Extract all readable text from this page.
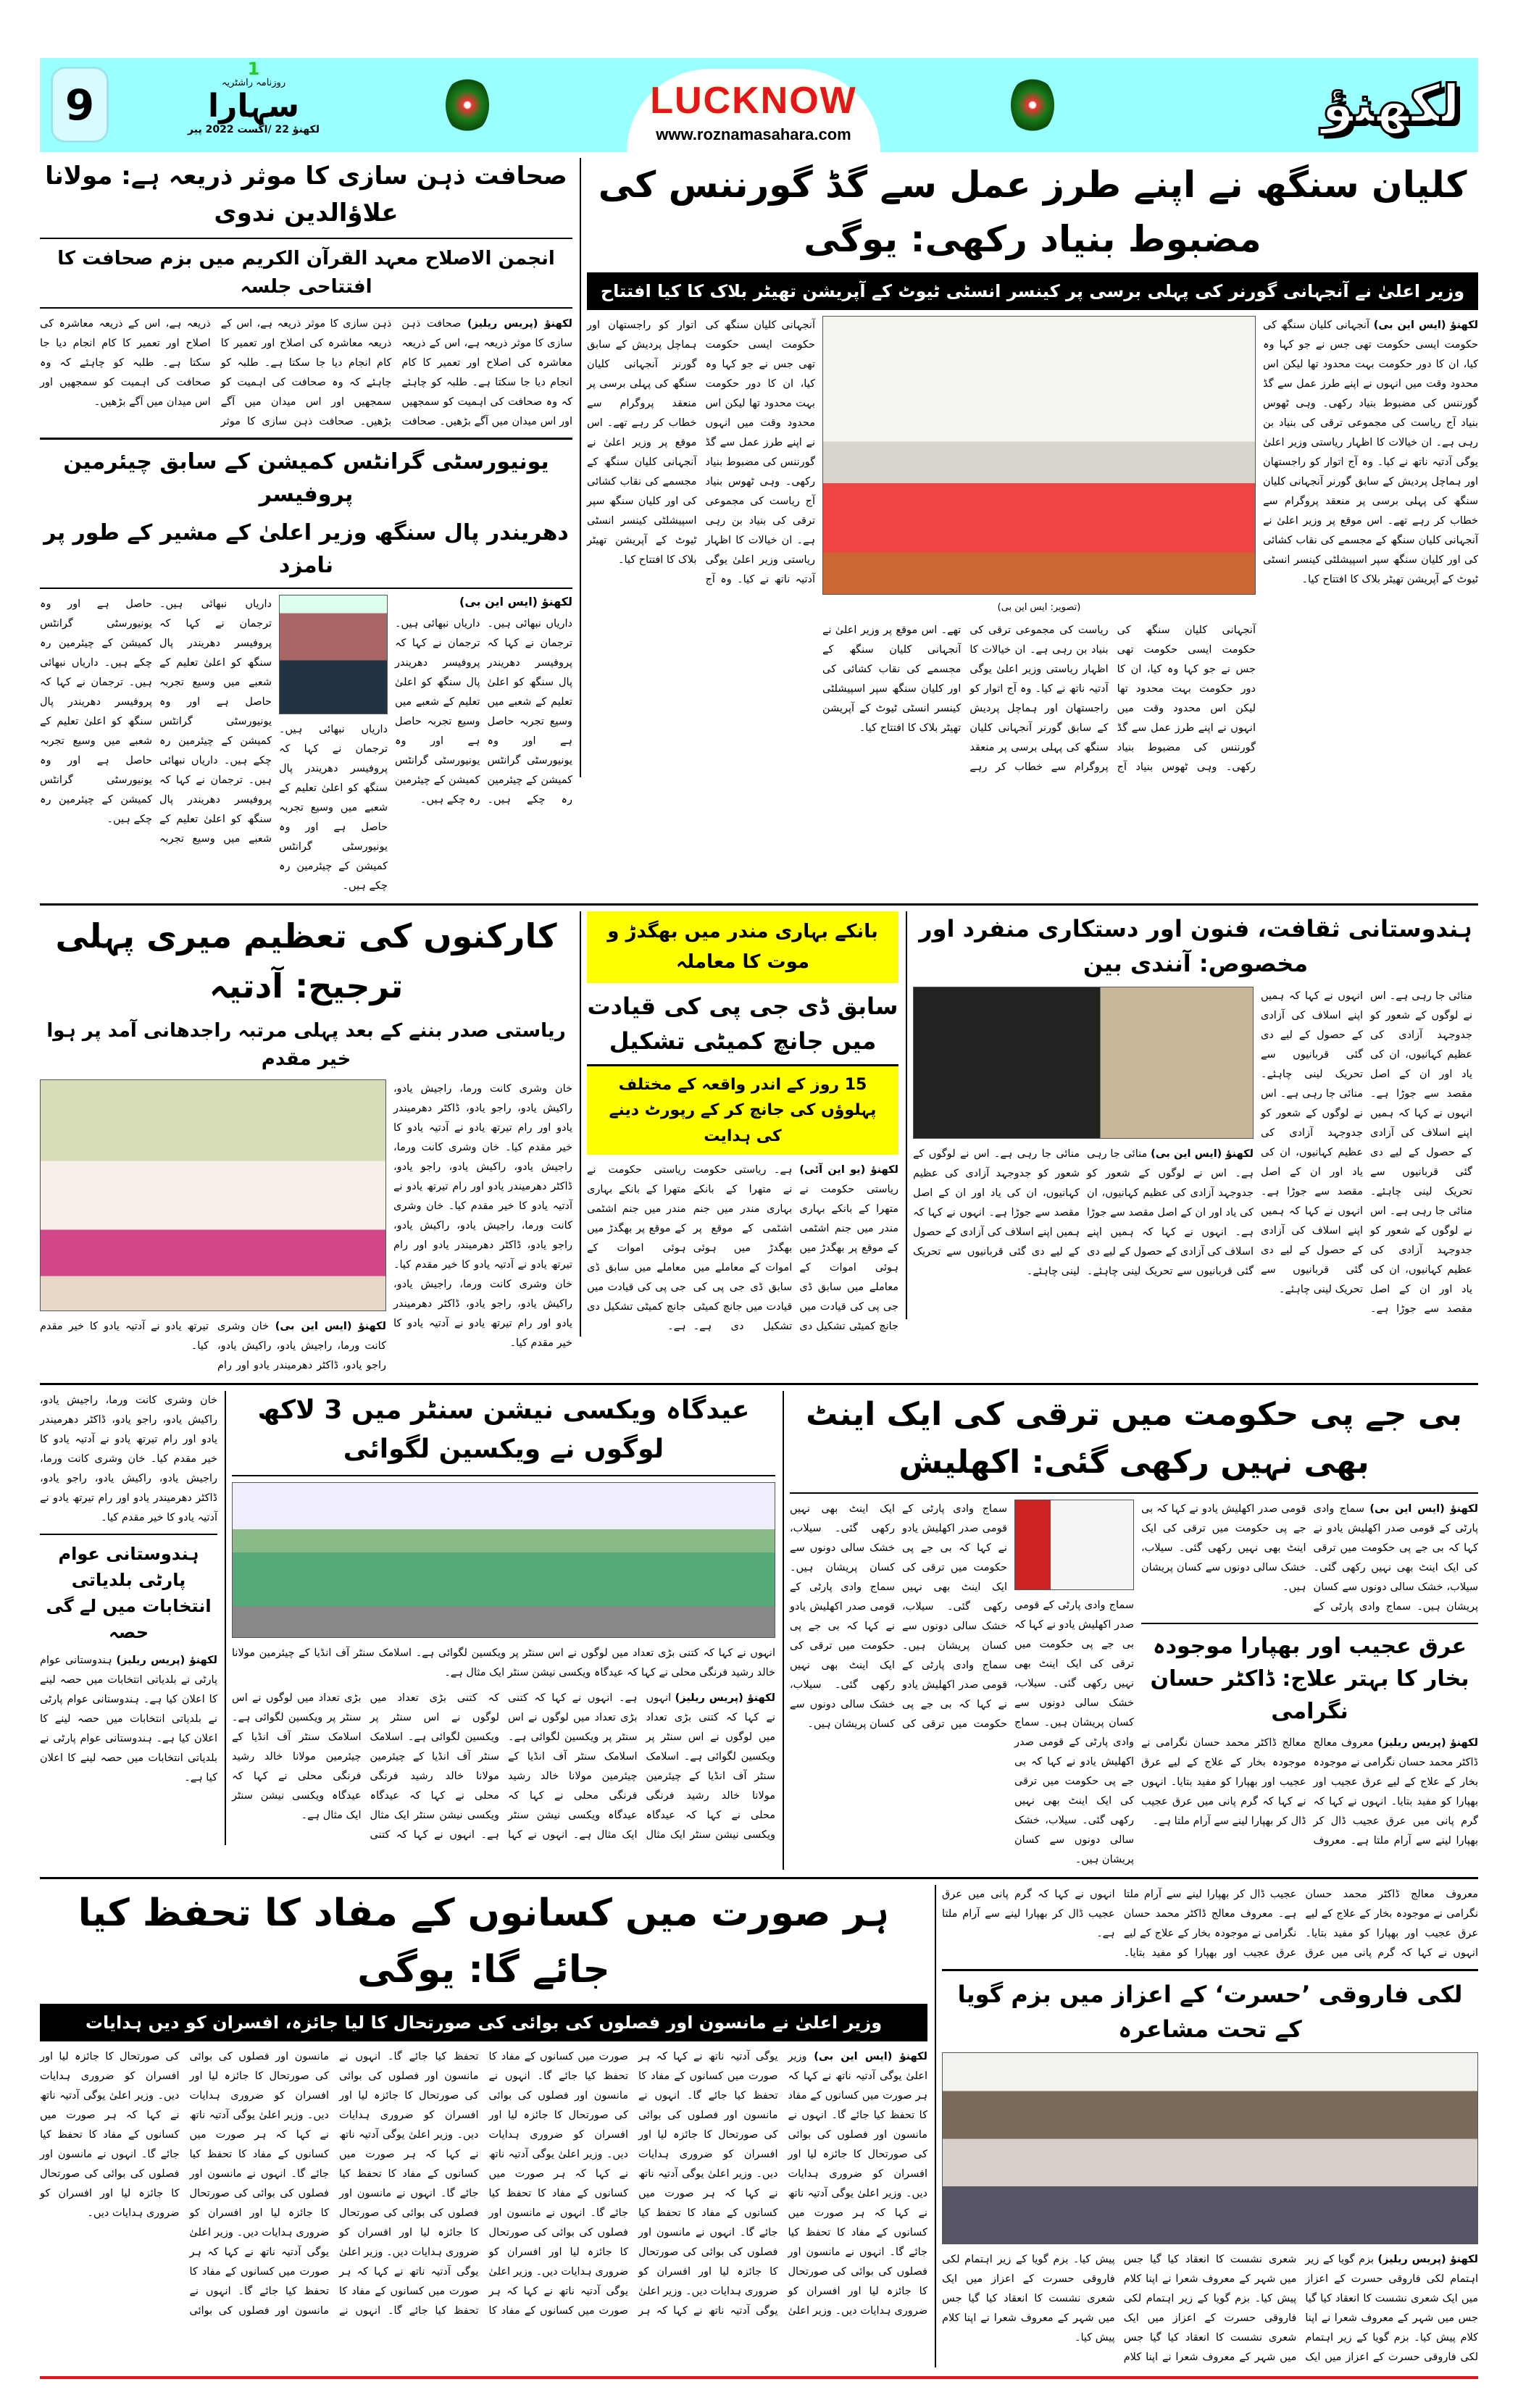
9
1
روزنامہ راشٹریہ
سہارا
لکھنؤ 22 /اگست 2022 پیر
LUCKNOW
www.roznamasahara.com
لکھنؤ
صحافت ذہن سازی کا موثر ذریعہ ہے: مولانا علاؤالدین ندوی
انجمن الاصلاح معہد القرآن الکریم میں بزم صحافت کا افتتاحی جلسہ
لکھنؤ (پریس ریلیز) صحافت ذہن سازی کا موثر ذریعہ ہے، اس کے ذریعہ معاشرہ کی اصلاح اور تعمیر کا کام انجام دیا جا سکتا ہے۔ طلبہ کو چاہئے کہ وہ صحافت کی اہمیت کو سمجھیں اور اس میدان میں آگے بڑھیں۔ صحافت ذہن سازی کا موثر ذریعہ ہے، اس کے ذریعہ معاشرہ کی اصلاح اور تعمیر کا کام انجام دیا جا سکتا ہے۔ طلبہ کو چاہئے کہ وہ صحافت کی اہمیت کو سمجھیں اور اس میدان میں آگے بڑھیں۔ صحافت ذہن سازی کا موثر ذریعہ ہے، اس کے ذریعہ معاشرہ کی اصلاح اور تعمیر کا کام انجام دیا جا سکتا ہے۔ طلبہ کو چاہئے کہ وہ صحافت کی اہمیت کو سمجھیں اور اس میدان میں آگے بڑھیں۔
یونیورسٹی گرانٹس کمیشن کے سابق چیئرمین پروفیسر
دھریندر پال سنگھ وزیر اعلیٰ کے مشیر کے طور پر نامزد
داریاں نبھائی ہیں۔ ترجمان نے کہا کہ پروفیسر دھریندر پال سنگھ کو اعلیٰ تعلیم کے شعبے میں وسیع تجربہ حاصل ہے اور وہ یونیورسٹی گرانٹس کمیشن کے چیئرمین رہ چکے ہیں۔ داریاں نبھائی ہیں۔ ترجمان نے کہا کہ پروفیسر دھریندر پال سنگھ کو اعلیٰ تعلیم کے شعبے میں وسیع تجربہ حاصل ہے اور وہ یونیورسٹی گرانٹس کمیشن کے چیئرمین رہ چکے ہیں۔ داریاں نبھائی ہیں۔ ترجمان نے کہا کہ پروفیسر دھریندر پال سنگھ کو اعلیٰ تعلیم کے شعبے میں وسیع تجربہ حاصل ہے اور وہ یونیورسٹی گرانٹس کمیشن کے چیئرمین رہ چکے ہیں۔
داریاں نبھائی ہیں۔ ترجمان نے کہا کہ پروفیسر دھریندر پال سنگھ کو اعلیٰ تعلیم کے شعبے میں وسیع تجربہ حاصل ہے اور وہ یونیورسٹی گرانٹس کمیشن کے چیئرمین رہ چکے ہیں۔
لکھنؤ (ایس این بی)
داریاں نبھائی ہیں۔ ترجمان نے کہا کہ پروفیسر دھریندر پال سنگھ کو اعلیٰ تعلیم کے شعبے میں وسیع تجربہ حاصل ہے اور وہ یونیورسٹی گرانٹس کمیشن کے چیئرمین رہ چکے ہیں۔ داریاں نبھائی ہیں۔ ترجمان نے کہا کہ پروفیسر دھریندر پال سنگھ کو اعلیٰ تعلیم کے شعبے میں وسیع تجربہ حاصل ہے اور وہ یونیورسٹی گرانٹس کمیشن کے چیئرمین رہ چکے ہیں۔
کلیان سنگھ نے اپنے طرز عمل سے گڈ گورننس کی مضبوط بنیاد رکھی: یوگی
وزیر اعلیٰ نے آنجہانی گورنر کی پہلی برسی پر کینسر انسٹی ٹیوٹ کے آپریشن تھیٹر بلاک کا کیا افتتاح
آنجہانی کلیان سنگھ کی حکومت ایسی حکومت تھی جس نے جو کہا وہ کیا، ان کا دور حکومت بہت محدود تھا لیکن اس محدود وقت میں انہوں نے اپنے طرز عمل سے گڈ گورننس کی مضبوط بنیاد رکھی۔ وہی ٹھوس بنیاد آج ریاست کی مجموعی ترقی کی بنیاد بن رہی ہے۔ ان خیالات کا اظہار ریاستی وزیر اعلیٰ یوگی آدتیہ ناتھ نے کیا۔ وہ آج اتوار کو راجستھان اور ہماچل پردیش کے سابق گورنر آنجہانی کلیان سنگھ کی پہلی برسی پر منعقد پروگرام سے خطاب کر رہے تھے۔ اس موقع پر وزیر اعلیٰ نے آنجہانی کلیان سنگھ کے مجسمے کی نقاب کشائی کی اور کلیان سنگھ سپر اسپیشلٹی کینسر انسٹی ٹیوٹ کے آپریشن تھیٹر بلاک کا افتتاح کیا۔
(تصویر: ایس این بی)
آنجہانی کلیان سنگھ کی حکومت ایسی حکومت تھی جس نے جو کہا وہ کیا، ان کا دور حکومت بہت محدود تھا لیکن اس محدود وقت میں انہوں نے اپنے طرز عمل سے گڈ گورننس کی مضبوط بنیاد رکھی۔ وہی ٹھوس بنیاد آج ریاست کی مجموعی ترقی کی بنیاد بن رہی ہے۔ ان خیالات کا اظہار ریاستی وزیر اعلیٰ یوگی آدتیہ ناتھ نے کیا۔ وہ آج اتوار کو راجستھان اور ہماچل پردیش کے سابق گورنر آنجہانی کلیان سنگھ کی پہلی برسی پر منعقد پروگرام سے خطاب کر رہے تھے۔ اس موقع پر وزیر اعلیٰ نے آنجہانی کلیان سنگھ کے مجسمے کی نقاب کشائی کی اور کلیان سنگھ سپر اسپیشلٹی کینسر انسٹی ٹیوٹ کے آپریشن تھیٹر بلاک کا افتتاح کیا۔
لکھنؤ (ایس این بی) آنجہانی کلیان سنگھ کی حکومت ایسی حکومت تھی جس نے جو کہا وہ کیا، ان کا دور حکومت بہت محدود تھا لیکن اس محدود وقت میں انہوں نے اپنے طرز عمل سے گڈ گورننس کی مضبوط بنیاد رکھی۔ وہی ٹھوس بنیاد آج ریاست کی مجموعی ترقی کی بنیاد بن رہی ہے۔ ان خیالات کا اظہار ریاستی وزیر اعلیٰ یوگی آدتیہ ناتھ نے کیا۔ وہ آج اتوار کو راجستھان اور ہماچل پردیش کے سابق گورنر آنجہانی کلیان سنگھ کی پہلی برسی پر منعقد پروگرام سے خطاب کر رہے تھے۔ اس موقع پر وزیر اعلیٰ نے آنجہانی کلیان سنگھ کے مجسمے کی نقاب کشائی کی اور کلیان سنگھ سپر اسپیشلٹی کینسر انسٹی ٹیوٹ کے آپریشن تھیٹر بلاک کا افتتاح کیا۔
کارکنوں کی تعظیم میری پہلی ترجیح: آدتیہ
ریاستی صدر بننے کے بعد پہلی مرتبہ راجدھانی آمد پر ہوا خیر مقدم
لکھنؤ (ایس این بی) خان وشری کانت ورما، راجیش یادو، راکیش یادو، راجو یادو، ڈاکٹر دھرمیندر یادو اور رام تیرتھ یادو نے آدتیہ یادو کا خیر مقدم کیا۔
خان وشری کانت ورما، راجیش یادو، راکیش یادو، راجو یادو، ڈاکٹر دھرمیندر یادو اور رام تیرتھ یادو نے آدتیہ یادو کا خیر مقدم کیا۔ خان وشری کانت ورما، راجیش یادو، راکیش یادو، راجو یادو، ڈاکٹر دھرمیندر یادو اور رام تیرتھ یادو نے آدتیہ یادو کا خیر مقدم کیا۔ خان وشری کانت ورما، راجیش یادو، راکیش یادو، راجو یادو، ڈاکٹر دھرمیندر یادو اور رام تیرتھ یادو نے آدتیہ یادو کا خیر مقدم کیا۔ خان وشری کانت ورما، راجیش یادو، راکیش یادو، راجو یادو، ڈاکٹر دھرمیندر یادو اور رام تیرتھ یادو نے آدتیہ یادو کا خیر مقدم کیا۔
بانکے بہاری مندر میں بھگدڑ و موت کا معاملہ
سابق ڈی جی پی کی قیادت میں جانچ کمیٹی تشکیل
15 روز کے اندر واقعہ کے مختلف پہلوؤں کی جانچ کر کے رپورٹ دینے کی ہدایت
لکھنؤ (یو این آئی) ریاستی حکومت نے متھرا کے بانکے بہاری مندر میں جنم اشٹمی کے موقع پر بھگدڑ میں ہوئی اموات کے معاملے میں سابق ڈی جی پی کی قیادت میں جانچ کمیٹی تشکیل دی ہے۔ ریاستی حکومت نے متھرا کے بانکے بہاری مندر میں جنم اشٹمی کے موقع پر بھگدڑ میں ہوئی اموات کے معاملے میں سابق ڈی جی پی کی قیادت میں جانچ کمیٹی تشکیل دی ہے۔ ریاستی حکومت نے متھرا کے بانکے بہاری مندر میں جنم اشٹمی کے موقع پر بھگدڑ میں ہوئی اموات کے معاملے میں سابق ڈی جی پی کی قیادت میں جانچ کمیٹی تشکیل دی ہے۔
ہندوستانی ثقافت، فنون اور دستکاری منفرد اور مخصوص: آنندی بین
لکھنؤ (ایس این بی) منائی جا رہی ہے۔ اس نے لوگوں کے شعور کو جدوجہد آزادی کی عظیم کہانیوں، ان کی یاد اور ان کے اصل مقصد سے جوڑا ہے۔ انہوں نے کہا کہ ہمیں اپنے اسلاف کی آزادی کے حصول کے لیے دی گئی قربانیوں سے تحریک لینی چاہئے۔ منائی جا رہی ہے۔ اس نے لوگوں کے شعور کو جدوجہد آزادی کی عظیم کہانیوں، ان کی یاد اور ان کے اصل مقصد سے جوڑا ہے۔ انہوں نے کہا کہ ہمیں اپنے اسلاف کی آزادی کے حصول کے لیے دی گئی قربانیوں سے تحریک لینی چاہئے۔
منائی جا رہی ہے۔ اس نے لوگوں کے شعور کو جدوجہد آزادی کی عظیم کہانیوں، ان کی یاد اور ان کے اصل مقصد سے جوڑا ہے۔ انہوں نے کہا کہ ہمیں اپنے اسلاف کی آزادی کے حصول کے لیے دی گئی قربانیوں سے تحریک لینی چاہئے۔ منائی جا رہی ہے۔ اس نے لوگوں کے شعور کو جدوجہد آزادی کی عظیم کہانیوں، ان کی یاد اور ان کے اصل مقصد سے جوڑا ہے۔ انہوں نے کہا کہ ہمیں اپنے اسلاف کی آزادی کے حصول کے لیے دی گئی قربانیوں سے تحریک لینی چاہئے۔ منائی جا رہی ہے۔ اس نے لوگوں کے شعور کو جدوجہد آزادی کی عظیم کہانیوں، ان کی یاد اور ان کے اصل مقصد سے جوڑا ہے۔ انہوں نے کہا کہ ہمیں اپنے اسلاف کی آزادی کے حصول کے لیے دی گئی قربانیوں سے تحریک لینی چاہئے۔
خان وشری کانت ورما، راجیش یادو، راکیش یادو، راجو یادو، ڈاکٹر دھرمیندر یادو اور رام تیرتھ یادو نے آدتیہ یادو کا خیر مقدم کیا۔ خان وشری کانت ورما، راجیش یادو، راکیش یادو، راجو یادو، ڈاکٹر دھرمیندر یادو اور رام تیرتھ یادو نے آدتیہ یادو کا خیر مقدم کیا۔
ہندوستانی عوام پارٹی بلدیاتی انتخابات میں لے گی حصہ
لکھنؤ (پریس ریلیز) ہندوستانی عوام پارٹی نے بلدیاتی انتخابات میں حصہ لینے کا اعلان کیا ہے۔ ہندوستانی عوام پارٹی نے بلدیاتی انتخابات میں حصہ لینے کا اعلان کیا ہے۔ ہندوستانی عوام پارٹی نے بلدیاتی انتخابات میں حصہ لینے کا اعلان کیا ہے۔
عیدگاہ ویکسی نیشن سنٹر میں 3 لاکھ لوگوں نے ویکسین لگوائی
انہوں نے کہا کہ کتنی بڑی تعداد میں لوگوں نے اس سنٹر پر ویکسین لگوائی ہے۔ اسلامک سنٹر آف انڈیا کے چیئرمین مولانا خالد رشید فرنگی محلی نے کہا کہ عیدگاہ ویکسی نیشن سنٹر ایک مثال ہے۔
لکھنؤ (پریس ریلیز) انہوں نے کہا کہ کتنی بڑی تعداد میں لوگوں نے اس سنٹر پر ویکسین لگوائی ہے۔ اسلامک سنٹر آف انڈیا کے چیئرمین مولانا خالد رشید فرنگی محلی نے کہا کہ عیدگاہ ویکسی نیشن سنٹر ایک مثال ہے۔ انہوں نے کہا کہ کتنی بڑی تعداد میں لوگوں نے اس سنٹر پر ویکسین لگوائی ہے۔ اسلامک سنٹر آف انڈیا کے چیئرمین مولانا خالد رشید فرنگی محلی نے کہا کہ عیدگاہ ویکسی نیشن سنٹر ایک مثال ہے۔ انہوں نے کہا کہ کتنی بڑی تعداد میں لوگوں نے اس سنٹر پر ویکسین لگوائی ہے۔ اسلامک سنٹر آف انڈیا کے چیئرمین مولانا خالد رشید فرنگی محلی نے کہا کہ عیدگاہ ویکسی نیشن سنٹر ایک مثال ہے۔ انہوں نے کہا کہ کتنی بڑی تعداد میں لوگوں نے اس سنٹر پر ویکسین لگوائی ہے۔ اسلامک سنٹر آف انڈیا کے چیئرمین مولانا خالد رشید فرنگی محلی نے کہا کہ عیدگاہ ویکسی نیشن سنٹر ایک مثال ہے۔
بی جے پی حکومت میں ترقی کی ایک اینٹ بھی نہیں رکھی گئی: اکھلیش
سماج وادی پارٹی کے قومی صدر اکھلیش یادو نے کہا کہ بی جے پی حکومت میں ترقی کی ایک اینٹ بھی نہیں رکھی گئی۔ سیلاب، خشک سالی دونوں سے کسان پریشان ہیں۔ سماج وادی پارٹی کے قومی صدر اکھلیش یادو نے کہا کہ بی جے پی حکومت میں ترقی کی ایک اینٹ بھی نہیں رکھی گئی۔ سیلاب، خشک سالی دونوں سے کسان پریشان ہیں۔ سماج وادی پارٹی کے قومی صدر اکھلیش یادو نے کہا کہ بی جے پی حکومت میں ترقی کی ایک اینٹ بھی نہیں رکھی گئی۔ سیلاب، خشک سالی دونوں سے کسان پریشان ہیں۔
سماج وادی پارٹی کے قومی صدر اکھلیش یادو نے کہا کہ بی جے پی حکومت میں ترقی کی ایک اینٹ بھی نہیں رکھی گئی۔ سیلاب، خشک سالی دونوں سے کسان پریشان ہیں۔ سماج وادی پارٹی کے قومی صدر اکھلیش یادو نے کہا کہ بی جے پی حکومت میں ترقی کی ایک اینٹ بھی نہیں رکھی گئی۔ سیلاب، خشک سالی دونوں سے کسان پریشان ہیں۔
لکھنؤ (ایس این بی) سماج وادی پارٹی کے قومی صدر اکھلیش یادو نے کہا کہ بی جے پی حکومت میں ترقی کی ایک اینٹ بھی نہیں رکھی گئی۔ سیلاب، خشک سالی دونوں سے کسان پریشان ہیں۔ سماج وادی پارٹی کے قومی صدر اکھلیش یادو نے کہا کہ بی جے پی حکومت میں ترقی کی ایک اینٹ بھی نہیں رکھی گئی۔ سیلاب، خشک سالی دونوں سے کسان پریشان ہیں۔
عرق عجیب اور بھپارا موجودہ بخار کا بہتر علاج: ڈاکٹر حسان نگرامی
لکھنؤ (پریس ریلیز) معروف معالج ڈاکٹر محمد حسان نگرامی نے موجودہ بخار کے علاج کے لیے عرق عجیب اور بھپارا کو مفید بتایا۔ انہوں نے کہا کہ گرم پانی میں عرق عجیب ڈال کر بھپارا لینے سے آرام ملتا ہے۔ معروف معالج ڈاکٹر محمد حسان نگرامی نے موجودہ بخار کے علاج کے لیے عرق عجیب اور بھپارا کو مفید بتایا۔ انہوں نے کہا کہ گرم پانی میں عرق عجیب ڈال کر بھپارا لینے سے آرام ملتا ہے۔
ہر صورت میں کسانوں کے مفاد کا تحفظ کیا جائے گا: یوگی
وزیر اعلیٰ نے مانسون اور فصلوں کی بوائی کی صورتحال کا لیا جائزہ، افسران کو دیں ہدایات
لکھنؤ (ایس این بی) وزیر اعلیٰ یوگی آدتیہ ناتھ نے کہا کہ ہر صورت میں کسانوں کے مفاد کا تحفظ کیا جائے گا۔ انہوں نے مانسون اور فصلوں کی بوائی کی صورتحال کا جائزہ لیا اور افسران کو ضروری ہدایات دیں۔ وزیر اعلیٰ یوگی آدتیہ ناتھ نے کہا کہ ہر صورت میں کسانوں کے مفاد کا تحفظ کیا جائے گا۔ انہوں نے مانسون اور فصلوں کی بوائی کی صورتحال کا جائزہ لیا اور افسران کو ضروری ہدایات دیں۔ وزیر اعلیٰ یوگی آدتیہ ناتھ نے کہا کہ ہر صورت میں کسانوں کے مفاد کا تحفظ کیا جائے گا۔ انہوں نے مانسون اور فصلوں کی بوائی کی صورتحال کا جائزہ لیا اور افسران کو ضروری ہدایات دیں۔ وزیر اعلیٰ یوگی آدتیہ ناتھ نے کہا کہ ہر صورت میں کسانوں کے مفاد کا تحفظ کیا جائے گا۔ انہوں نے مانسون اور فصلوں کی بوائی کی صورتحال کا جائزہ لیا اور افسران کو ضروری ہدایات دیں۔ وزیر اعلیٰ یوگی آدتیہ ناتھ نے کہا کہ ہر صورت میں کسانوں کے مفاد کا تحفظ کیا جائے گا۔ انہوں نے مانسون اور فصلوں کی بوائی کی صورتحال کا جائزہ لیا اور افسران کو ضروری ہدایات دیں۔ وزیر اعلیٰ یوگی آدتیہ ناتھ نے کہا کہ ہر صورت میں کسانوں کے مفاد کا تحفظ کیا جائے گا۔ انہوں نے مانسون اور فصلوں کی بوائی کی صورتحال کا جائزہ لیا اور افسران کو ضروری ہدایات دیں۔ وزیر اعلیٰ یوگی آدتیہ ناتھ نے کہا کہ ہر صورت میں کسانوں کے مفاد کا تحفظ کیا جائے گا۔ انہوں نے مانسون اور فصلوں کی بوائی کی صورتحال کا جائزہ لیا اور افسران کو ضروری ہدایات دیں۔ وزیر اعلیٰ یوگی آدتیہ ناتھ نے کہا کہ ہر صورت میں کسانوں کے مفاد کا تحفظ کیا جائے گا۔ انہوں نے مانسون اور فصلوں کی بوائی کی صورتحال کا جائزہ لیا اور افسران کو ضروری ہدایات دیں۔ وزیر اعلیٰ یوگی آدتیہ ناتھ نے کہا کہ ہر صورت میں کسانوں کے مفاد کا تحفظ کیا جائے گا۔ انہوں نے مانسون اور فصلوں کی بوائی کی صورتحال کا جائزہ لیا اور افسران کو ضروری ہدایات دیں۔ وزیر اعلیٰ یوگی آدتیہ ناتھ نے کہا کہ ہر صورت میں کسانوں کے مفاد کا تحفظ کیا جائے گا۔ انہوں نے مانسون اور فصلوں کی بوائی کی صورتحال کا جائزہ لیا اور افسران کو ضروری ہدایات دیں۔ وزیر اعلیٰ یوگی آدتیہ ناتھ نے کہا کہ ہر صورت میں کسانوں کے مفاد کا تحفظ کیا جائے گا۔ انہوں نے مانسون اور فصلوں کی بوائی کی صورتحال کا جائزہ لیا اور افسران کو ضروری ہدایات دیں۔ وزیر اعلیٰ یوگی آدتیہ ناتھ نے کہا کہ ہر صورت میں کسانوں کے مفاد کا تحفظ کیا جائے گا۔ انہوں نے مانسون اور فصلوں کی بوائی کی صورتحال کا جائزہ لیا اور افسران کو ضروری ہدایات دیں۔
معروف معالج ڈاکٹر محمد حسان نگرامی نے موجودہ بخار کے علاج کے لیے عرق عجیب اور بھپارا کو مفید بتایا۔ انہوں نے کہا کہ گرم پانی میں عرق عجیب ڈال کر بھپارا لینے سے آرام ملتا ہے۔ معروف معالج ڈاکٹر محمد حسان نگرامی نے موجودہ بخار کے علاج کے لیے عرق عجیب اور بھپارا کو مفید بتایا۔ انہوں نے کہا کہ گرم پانی میں عرق عجیب ڈال کر بھپارا لینے سے آرام ملتا ہے۔
لکی فاروقی ’حسرت‘ کے اعزاز میں بزم گویا کے تحت مشاعرہ
لکھنؤ (پریس ریلیز) بزم گویا کے زیر اہتمام لکی فاروقی حسرت کے اعزاز میں ایک شعری نشست کا انعقاد کیا گیا جس میں شہر کے معروف شعرا نے اپنا کلام پیش کیا۔ بزم گویا کے زیر اہتمام لکی فاروقی حسرت کے اعزاز میں ایک شعری نشست کا انعقاد کیا گیا جس میں شہر کے معروف شعرا نے اپنا کلام پیش کیا۔ بزم گویا کے زیر اہتمام لکی فاروقی حسرت کے اعزاز میں ایک شعری نشست کا انعقاد کیا گیا جس میں شہر کے معروف شعرا نے اپنا کلام پیش کیا۔ بزم گویا کے زیر اہتمام لکی فاروقی حسرت کے اعزاز میں ایک شعری نشست کا انعقاد کیا گیا جس میں شہر کے معروف شعرا نے اپنا کلام پیش کیا۔
